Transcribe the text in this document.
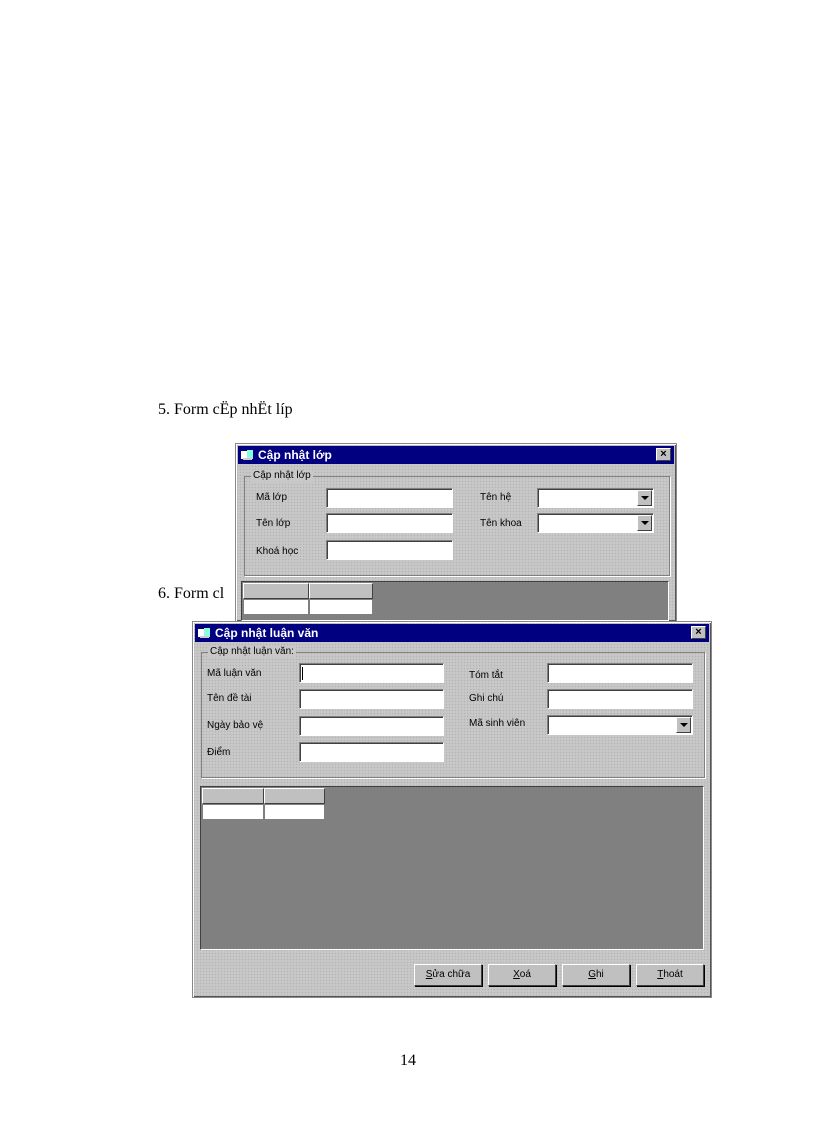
5. Form cËp nhËt líp
6. Form cl
Cập nhật lớp	×
Cập nhật lớp
Mã lớp
Tên lớp
Khoá học
Tên hệ
Tên khoa
Cập nhật luận văn	×
Cập nhật luận văn:
Mã luận văn
Tên đề tài
Ngày bảo vệ
Điểm
Tóm tắt
Ghi chú
Mã sinh viên
Sửa chữa	Xoá	Ghi	Thoát
14
